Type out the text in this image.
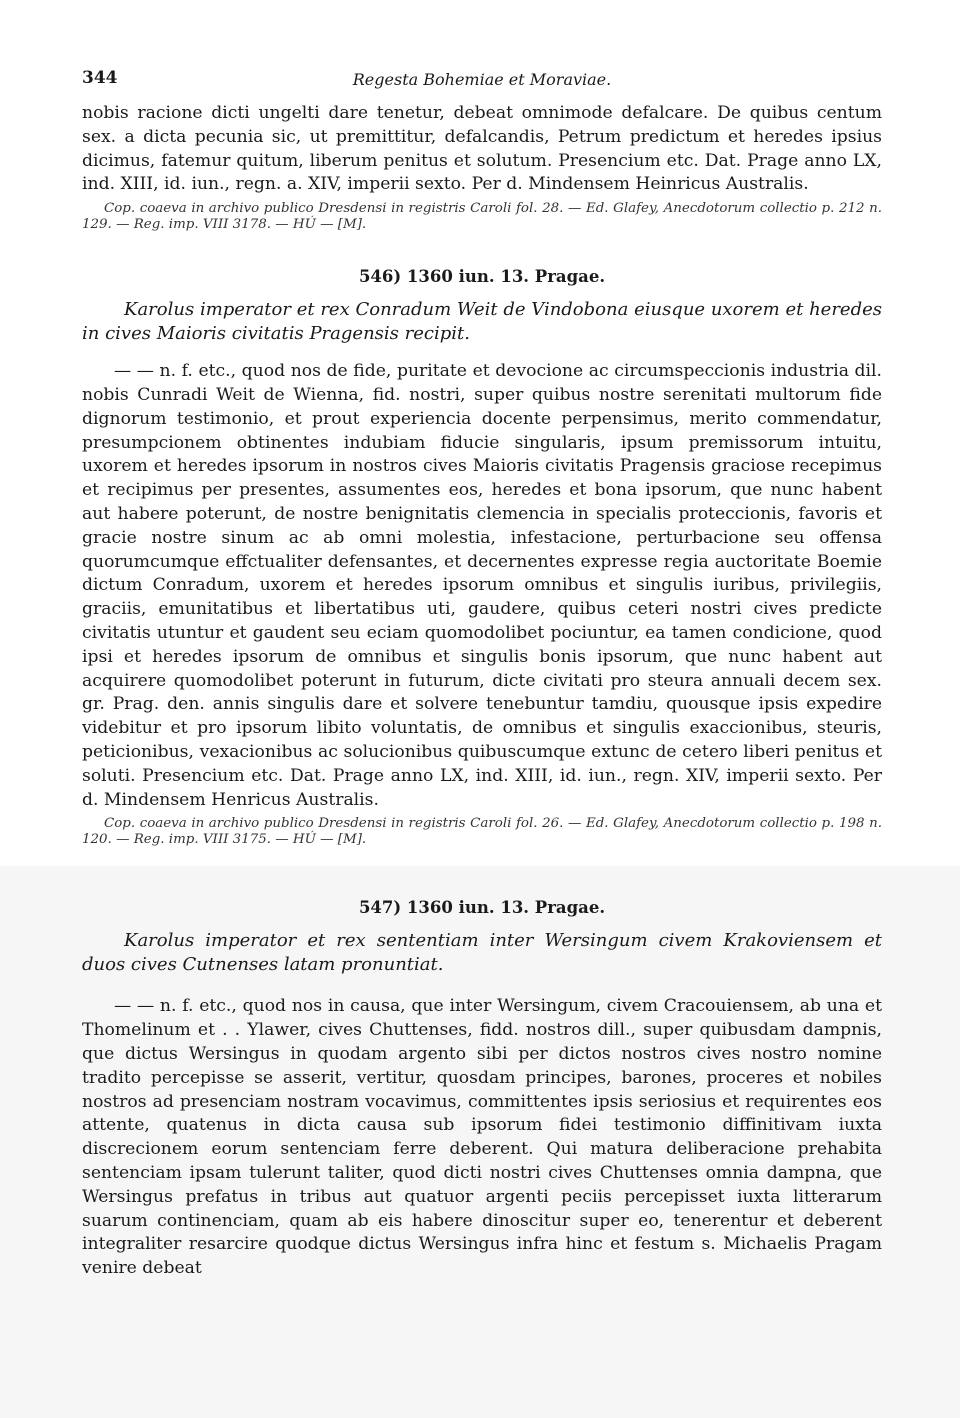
344	Regesta Bohemiae et Moraviae.

nobis racione dicti ungelti dare tenetur, debeat omnimode defalcare. De quibus centum sex. a dicta pecunia sic, ut premittitur, defalcandis, Petrum predictum et heredes ipsius dicimus, fatemur quitum, liberum penitus et solutum. Presencium etc. Dat. Prage anno LX, ind. XIII, id. iun., regn. a. XIV, imperii sexto. Per d. Mindensem Heinricus Australis.

Cop. coaeva in archivo publico Dresdensi in registris Caroli fol. 28. — Ed. Glafey, Anecdotorum collectio p. 212 n. 129. — Reg. imp. VIII 3178. — HÚ — [M].

546) 1360 iun. 13. Pragae.

Karolus imperator et rex Conradum Weit de Vindobona eiusque uxorem et heredes in cives Maioris civitatis Pragensis recipit.

— — n. f. etc., quod nos de fide, puritate et devocione ac circumspeccionis industria dil. nobis Cunradi Weit de Wienna, fid. nostri, super quibus nostre serenitati multorum fide dignorum testimonio, et prout experiencia docente perpensimus, merito commendatur, presumpcionem obtinentes indubiam fiducie singularis, ipsum premissorum intuitu, uxorem et heredes ipsorum in nostros cives Maioris civitatis Pragensis graciose recepimus et recipimus per presentes, assumentes eos, heredes et bona ipsorum, que nunc habent aut habere poterunt, de nostre benignitatis clemencia in specialis proteccionis, favoris et gracie nostre sinum ac ab omni molestia, infestacione, perturbacione seu offensa quorumcumque effctualiter defensantes, et decernentes expresse regia auctoritate Boemie dictum Conradum, uxorem et heredes ipsorum omnibus et singulis iuribus, privilegiis, graciis, emunitatibus et libertatibus uti, gaudere, quibus ceteri nostri cives predicte civitatis utuntur et gaudent seu eciam quomodolibet pociuntur, ea tamen condicione, quod ipsi et heredes ipsorum de omnibus et singulis bonis ipsorum, que nunc habent aut acquirere quomodolibet poterunt in futurum, dicte civitati pro steura annuali decem sex. gr. Prag. den. annis singulis dare et solvere tenebuntur tamdiu, quousque ipsis expedire videbitur et pro ipsorum libito voluntatis, de omnibus et singulis exaccionibus, steuris, peticionibus, vexacionibus ac solucionibus quibuscumque extunc de cetero liberi penitus et soluti. Presencium etc. Dat. Prage anno LX, ind. XIII, id. iun., regn. XIV, imperii sexto. Per d. Mindensem Henricus Australis.

Cop. coaeva in archivo publico Dresdensi in registris Caroli fol. 26. — Ed. Glafey, Anecdotorum collectio p. 198 n. 120. — Reg. imp. VIII 3175. — HÚ — [M].

547) 1360 iun. 13. Pragae.

Karolus imperator et rex sententiam inter Wersingum civem Krakoviensem et duos cives Cutnenses latam pronuntiat.

— — n. f. etc., quod nos in causa, que inter Wersingum, civem Cracouiensem, ab una et Thomelinum et . . Ylawer, cives Chuttenses, fidd. nostros dill., super quibusdam dampnis, que dictus Wersingus in quodam argento sibi per dictos nostros cives nostro nomine tradito percepisse se asserit, vertitur, quosdam principes, barones, proceres et nobiles nostros ad presenciam nostram vocavimus, committentes ipsis seriosius et requirentes eos attente, quatenus in dicta causa sub ipsorum fidei testimonio diffinitivam iuxta discrecionem eorum sentenciam ferre deberent. Qui matura deliberacione prehabita sentenciam ipsam tulerunt taliter, quod dicti nostri cives Chuttenses omnia dampna, que Wersingus prefatus in tribus aut quatuor argenti peciis percepisset iuxta litterarum suarum continenciam, quam ab eis habere dinoscitur super eo, tenerentur et deberent integraliter resarcire quodque dictus Wersingus infra hinc et festum s. Michaelis Pragam venire debeat
